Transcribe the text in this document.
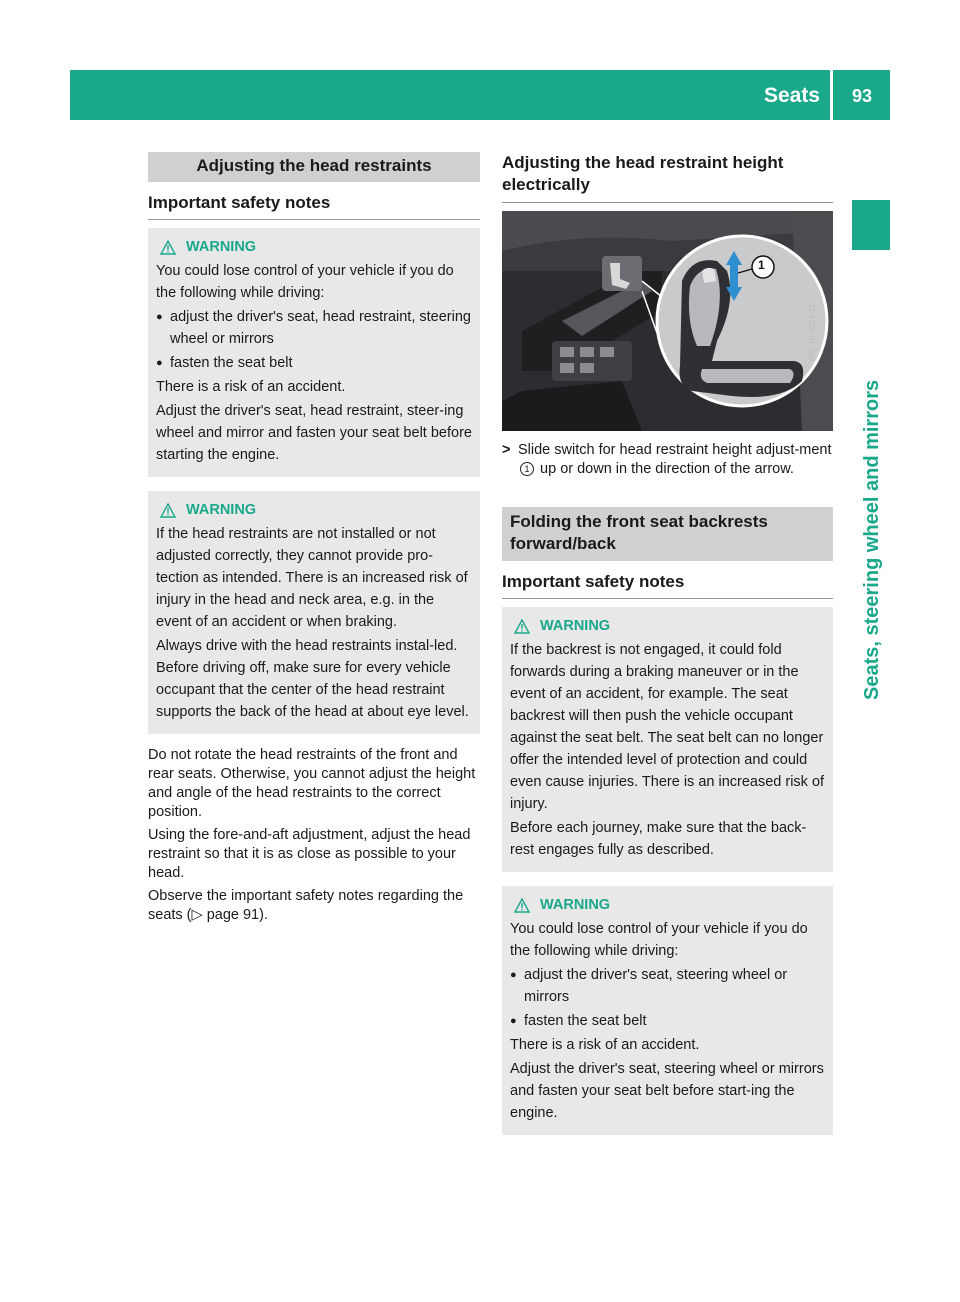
Seats 93
Seats, steering wheel and mirrors
Adjusting the head restraints
Important safety notes
WARNING

You could lose control of your vehicle if you do the following while driving:

● adjust the driver's seat, head restraint, steering wheel or mirrors
● fasten the seat belt

There is a risk of an accident.

Adjust the driver's seat, head restraint, steer-ing wheel and mirror and fasten your seat belt before starting the engine.

WARNING

If the head restraints are not installed or not adjusted correctly, they cannot provide pro-tection as intended. There is an increased risk of injury in the head and neck area, e.g. in the event of an accident or when braking.

Always drive with the head restraints instal-led. Before driving off, make sure for every vehicle occupant that the center of the head restraint supports the back of the head at about eye level.

Do not rotate the head restraints of the front and rear seats. Otherwise, you cannot adjust the height and angle of the head restraints to the correct position.

Using the fore-and-aft adjustment, adjust the head restraint so that it is as close as possible to your head.

Observe the important safety notes regarding the seats (▷ page 91).

Adjusting the head restraint height electrically
1
P91.10-3124-31
> Slide switch for head restraint height adjust-ment 1 up or down in the direction of the arrow.
Folding the front seat backrests forward/back
Important safety notes
WARNING

If the backrest is not engaged, it could fold forwards during a braking maneuver or in the event of an accident, for example. The seat backrest will then push the vehicle occupant against the seat belt. The seat belt can no longer offer the intended level of protection and could even cause injuries. There is an increased risk of injury.

Before each journey, make sure that the back-rest engages fully as described.

WARNING

You could lose control of your vehicle if you do the following while driving:

● adjust the driver's seat, steering wheel or mirrors
● fasten the seat belt

There is a risk of an accident.

Adjust the driver's seat, steering wheel or mirrors and fasten your seat belt before start-ing the engine.
